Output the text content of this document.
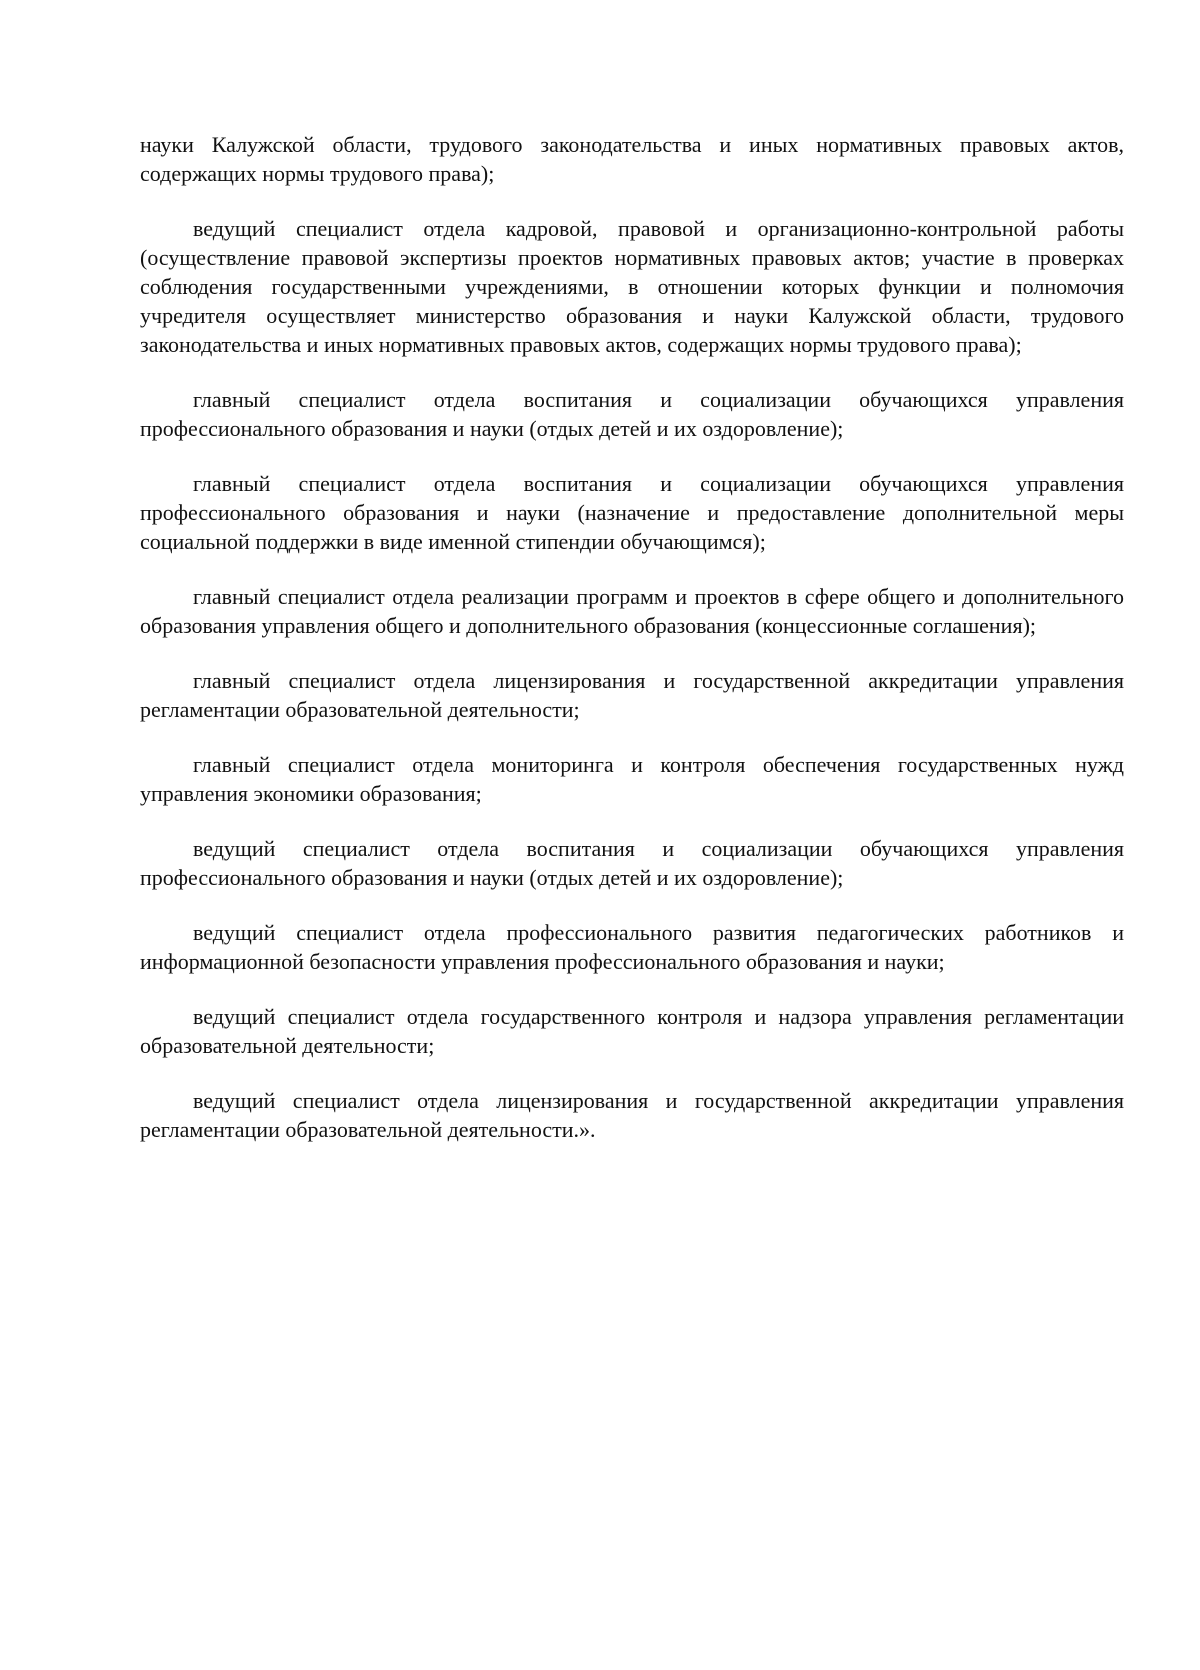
науки Калужской области, трудового законодательства и иных нормативных правовых актов, содержащих нормы трудового права);

ведущий специалист отдела кадровой, правовой и организационно-контрольной работы (осуществление правовой экспертизы проектов нормативных правовых актов; участие в проверках соблюдения государственными учреждениями, в отношении которых функции и полномочия учредителя осуществляет министерство образования и науки Калужской области, трудового законодательства и иных нормативных правовых актов, содержащих нормы трудового права);

главный специалист отдела воспитания и социализации обучающихся управления профессионального образования и науки (отдых детей и их оздоровление);

главный специалист отдела воспитания и социализации обучающихся управления профессионального образования и науки (назначение и предоставление дополнительной меры социальной поддержки в виде именной стипендии обучающимся);

главный специалист отдела реализации программ и проектов в сфере общего и дополнительного образования управления общего и дополнительного образования (концессионные соглашения);

главный специалист отдела лицензирования и государственной аккредитации управления регламентации образовательной деятельности;

главный специалист отдела мониторинга и контроля обеспечения государственных нужд управления экономики образования;

ведущий специалист отдела воспитания и социализации обучающихся управления профессионального образования и науки (отдых детей и их оздоровление);

ведущий специалист отдела профессионального развития педагогических работников и информационной безопасности управления профессионального образования и науки;

ведущий специалист отдела государственного контроля и надзора управления регламентации образовательной деятельности;

ведущий специалист отдела лицензирования и государственной аккредитации управления регламентации образовательной деятельности.».
